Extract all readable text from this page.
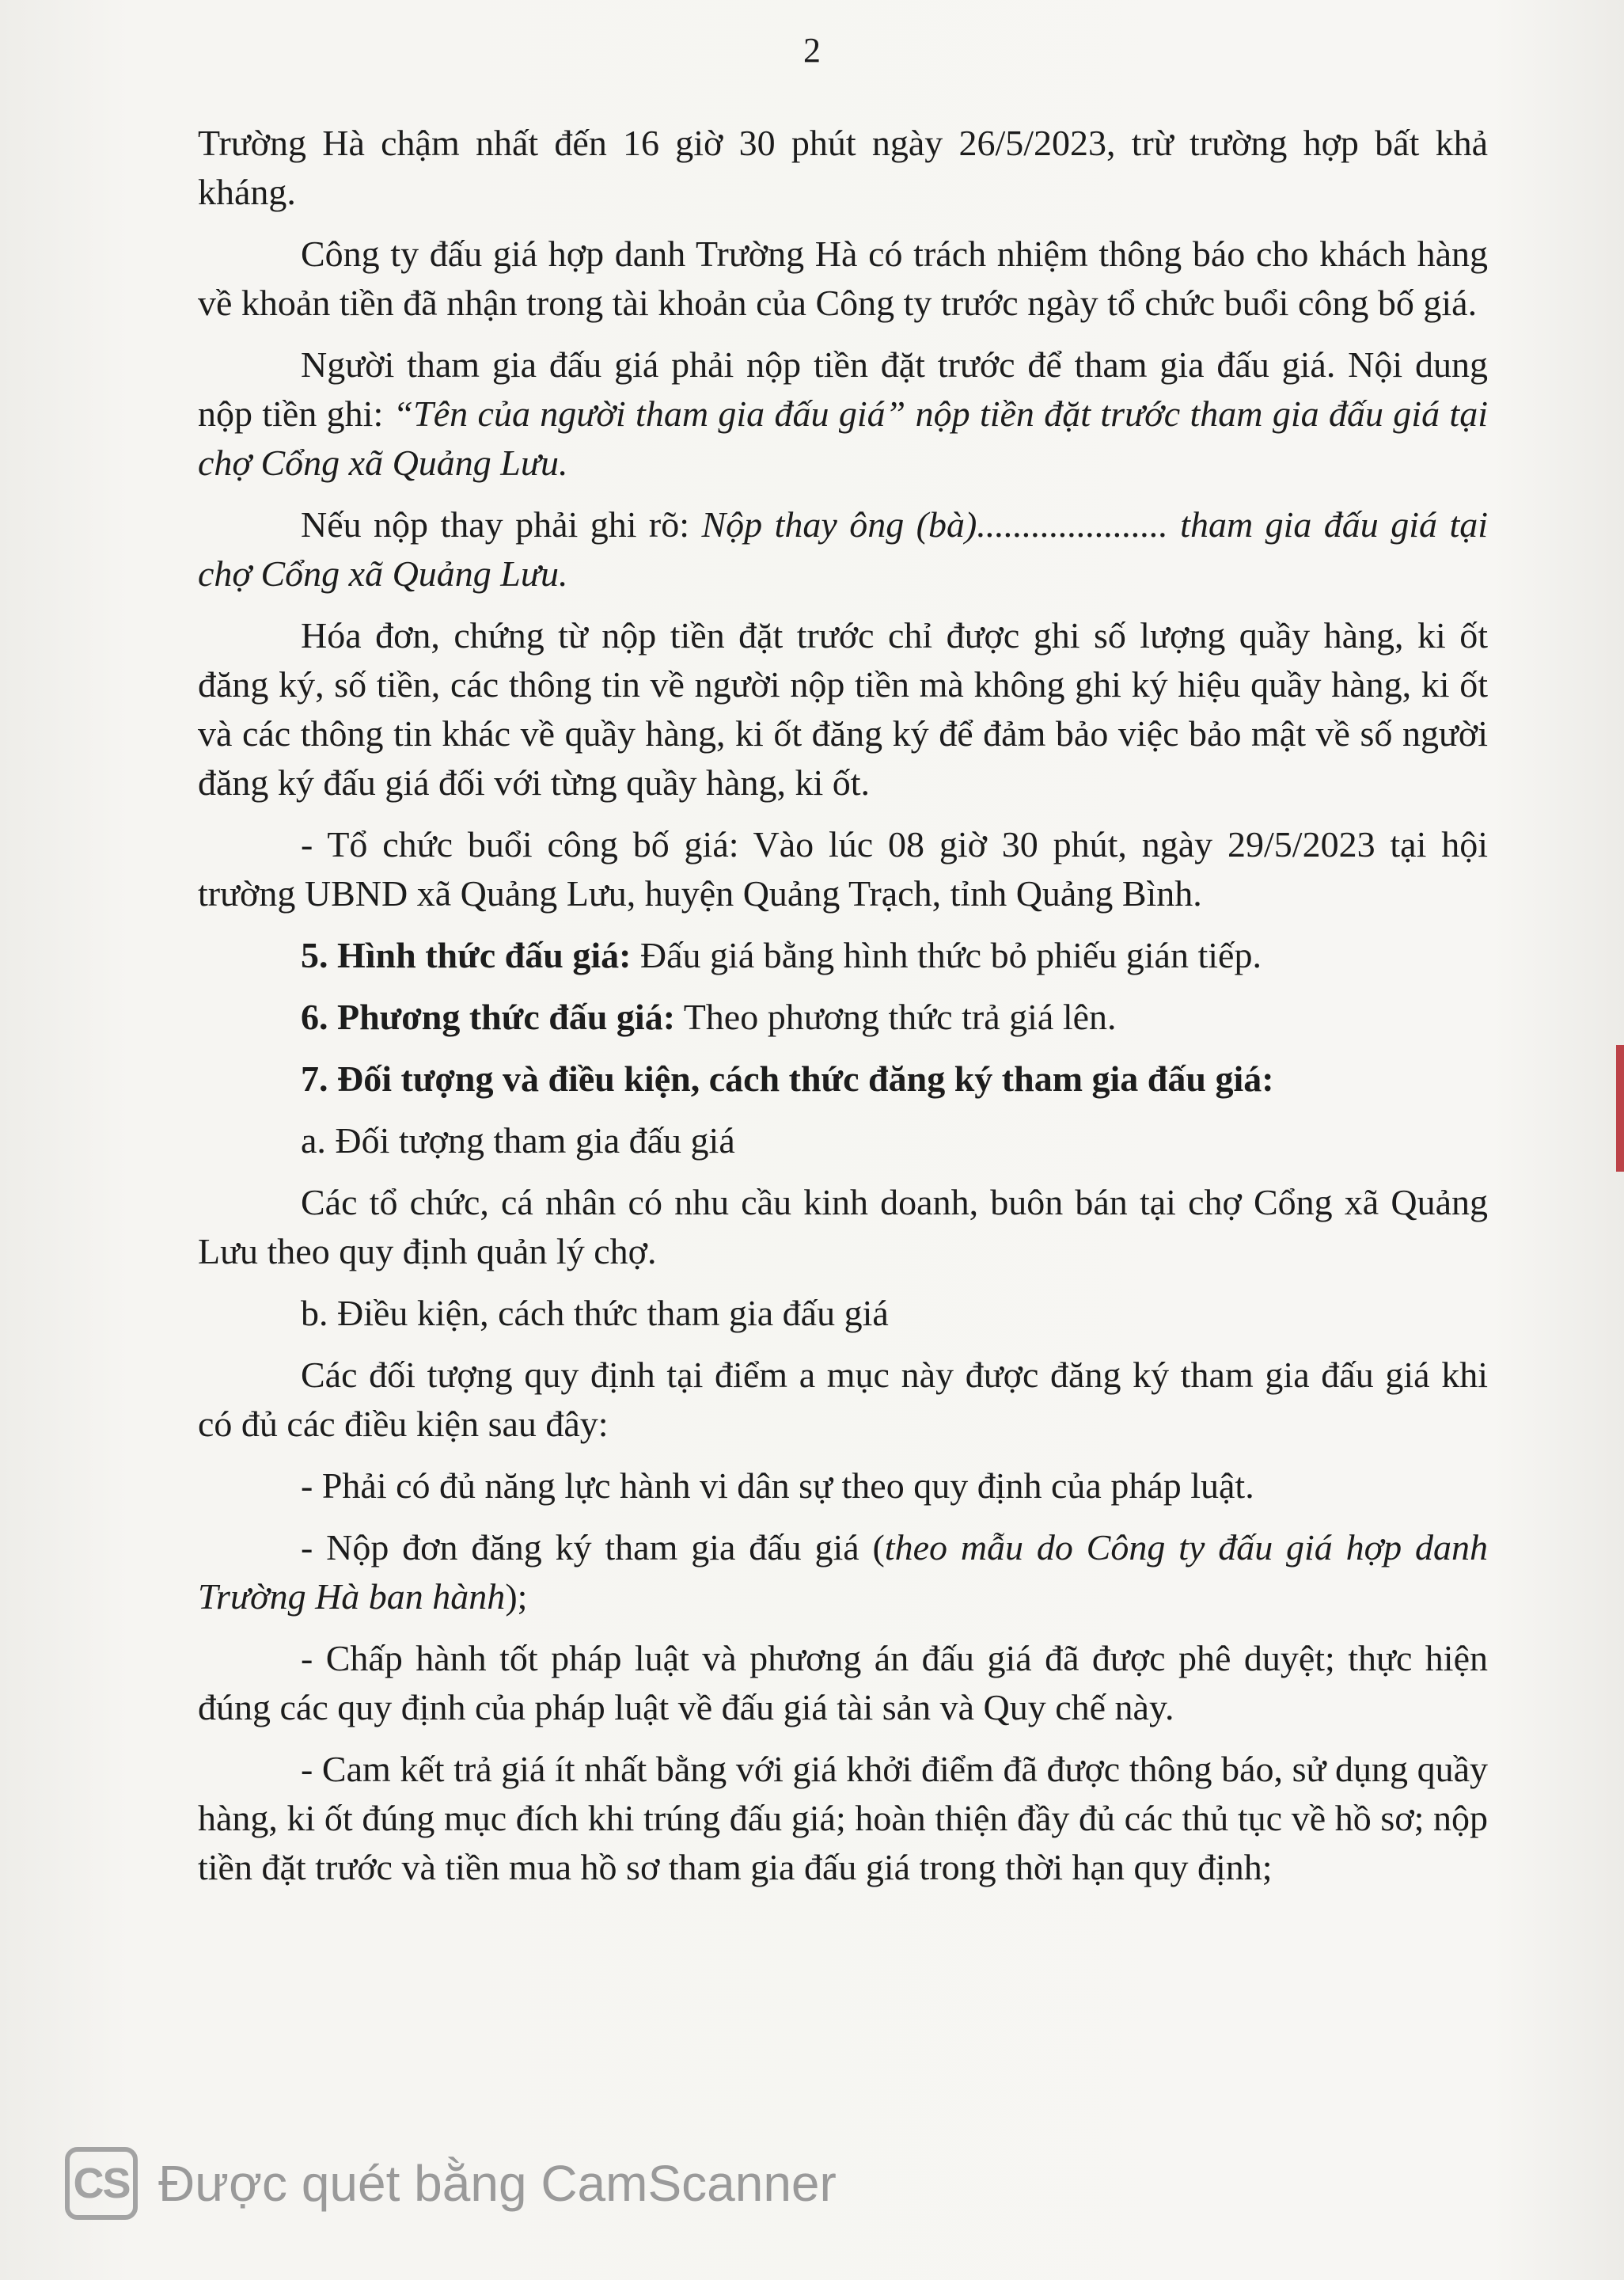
2

Trường Hà chậm nhất đến 16 giờ 30 phút ngày 26/5/2023, trừ trường hợp bất khả kháng.

Công ty đấu giá hợp danh Trường Hà có trách nhiệm thông báo cho khách hàng về khoản tiền đã nhận trong tài khoản của Công ty trước ngày tổ chức buổi công bố giá.

Người tham gia đấu giá phải nộp tiền đặt trước để tham gia đấu giá. Nội dung nộp tiền ghi: “Tên của người tham gia đấu giá” nộp tiền đặt trước tham gia đấu giá tại chợ Cổng xã Quảng Lưu.

Nếu nộp thay phải ghi rõ: Nộp thay ông (bà)..................... tham gia đấu giá tại chợ Cổng xã Quảng Lưu.

Hóa đơn, chứng từ nộp tiền đặt trước chỉ được ghi số lượng quầy hàng, ki ốt đăng ký, số tiền, các thông tin về người nộp tiền mà không ghi ký hiệu quầy hàng, ki ốt và các thông tin khác về quầy hàng, ki ốt đăng ký để đảm bảo việc bảo mật về số người đăng ký đấu giá đối với từng quầy hàng, ki ốt.

- Tổ chức buổi công bố giá: Vào lúc 08 giờ 30 phút, ngày 29/5/2023 tại hội trường UBND xã Quảng Lưu, huyện Quảng Trạch, tỉnh Quảng Bình.

5. Hình thức đấu giá: Đấu giá bằng hình thức bỏ phiếu gián tiếp.

6. Phương thức đấu giá: Theo phương thức trả giá lên.

7. Đối tượng và điều kiện, cách thức đăng ký tham gia đấu giá:

a. Đối tượng tham gia đấu giá

Các tổ chức, cá nhân có nhu cầu kinh doanh, buôn bán tại chợ Cổng xã Quảng Lưu theo quy định quản lý chợ.

b. Điều kiện, cách thức tham gia đấu giá

Các đối tượng quy định tại điểm a mục này được đăng ký tham gia đấu giá khi có đủ các điều kiện sau đây:

- Phải có đủ năng lực hành vi dân sự theo quy định của pháp luật.

- Nộp đơn đăng ký tham gia đấu giá (theo mẫu do Công ty đấu giá hợp danh Trường Hà ban hành);

- Chấp hành tốt pháp luật và phương án đấu giá đã được phê duyệt; thực hiện đúng các quy định của pháp luật về đấu giá tài sản và Quy chế này.

- Cam kết trả giá ít nhất bằng với giá khởi điểm đã được thông báo, sử dụng quầy hàng, ki ốt đúng mục đích khi trúng đấu giá; hoàn thiện đầy đủ các thủ tục về hồ sơ; nộp tiền đặt trước và tiền mua hồ sơ tham gia đấu giá trong thời hạn quy định;

CS Được quét bằng CamScanner
